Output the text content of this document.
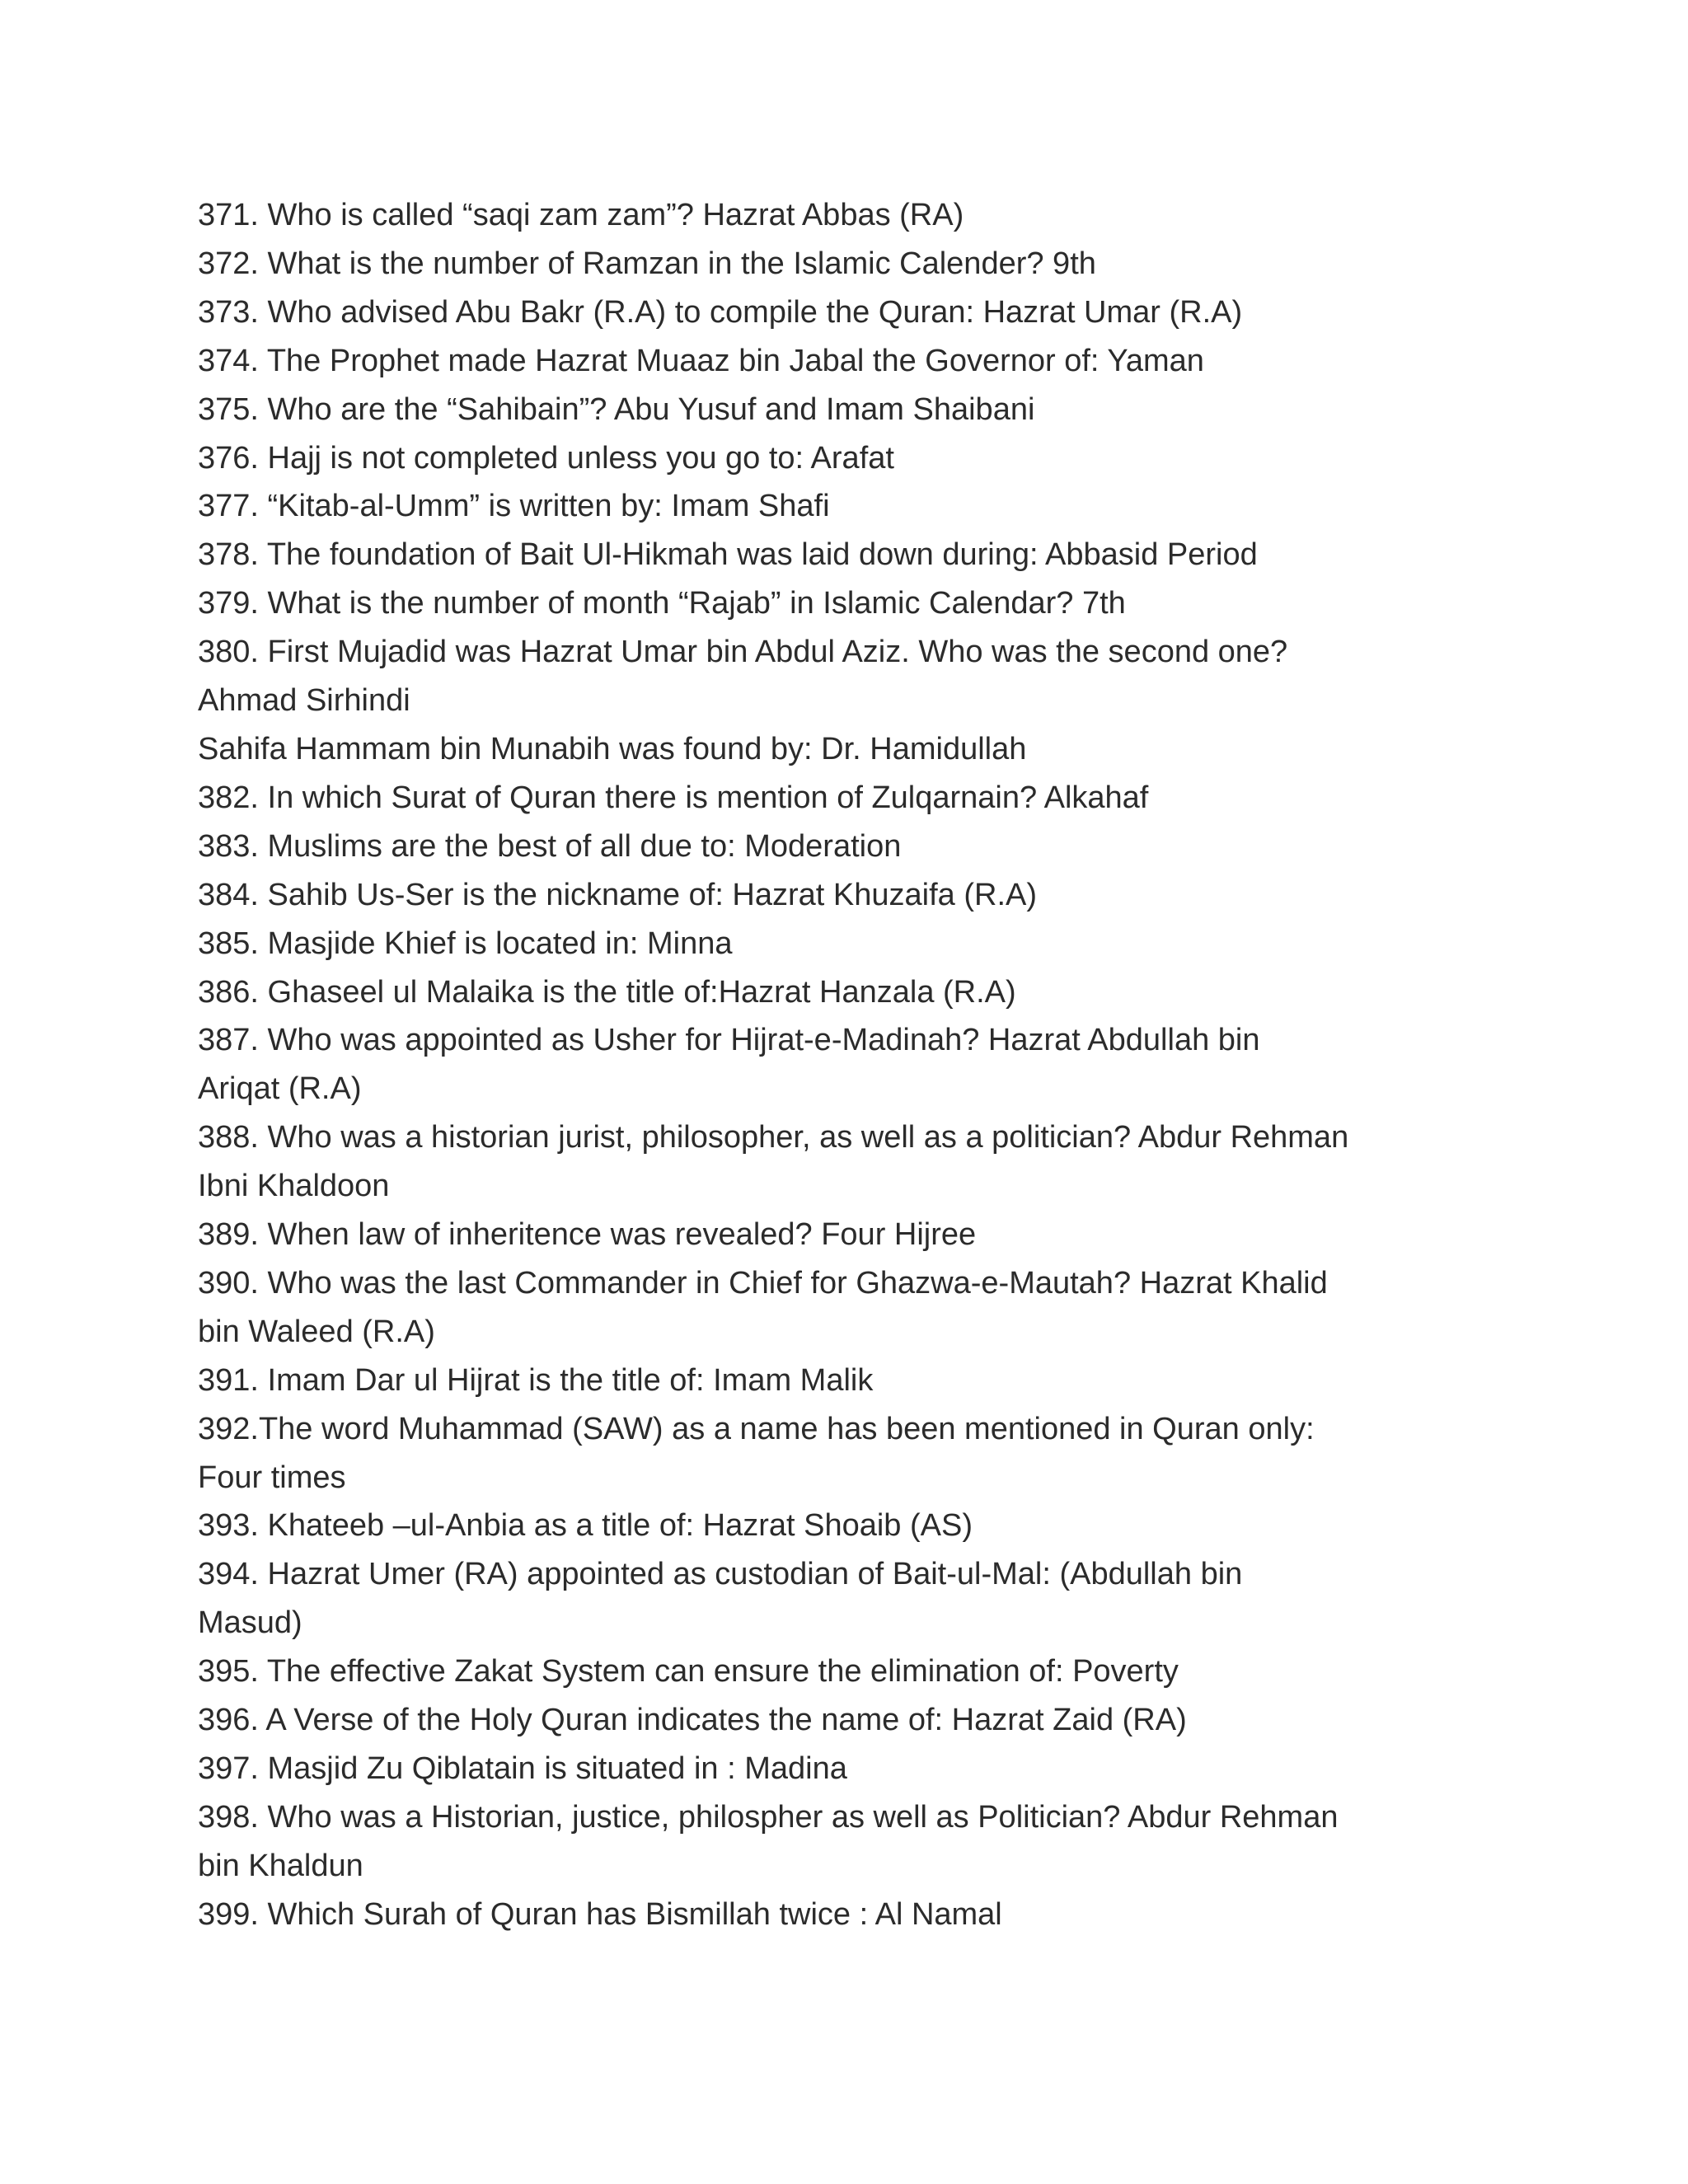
371. Who is called “saqi zam zam”? Hazrat Abbas (RA)
372. What is the number of Ramzan in the Islamic Calender? 9th
373. Who advised Abu Bakr (R.A) to compile the Quran: Hazrat Umar (R.A)
374. The Prophet made Hazrat Muaaz bin Jabal the Governor of: Yaman
375. Who are the “Sahibain”? Abu Yusuf and Imam Shaibani
376. Hajj is not completed unless you go to: Arafat
377. “Kitab-al-Umm” is written by: Imam Shafi
378. The foundation of Bait Ul-Hikmah was laid down during: Abbasid Period
379. What is the number of month “Rajab” in Islamic Calendar? 7th
380. First Mujadid was Hazrat Umar bin Abdul Aziz. Who was the second one?
Ahmad Sirhindi
Sahifa Hammam bin Munabih was found by: Dr. Hamidullah
382. In which Surat of Quran there is mention of Zulqarnain? Alkahaf
383. Muslims are the best of all due to: Moderation
384. Sahib Us-Ser is the nickname of: Hazrat Khuzaifa (R.A)
385. Masjide Khief is located in: Minna
386. Ghaseel ul Malaika is the title of:Hazrat Hanzala (R.A)
387. Who was appointed as Usher for Hijrat-e-Madinah? Hazrat Abdullah bin
Ariqat (R.A)
388. Who was a historian jurist, philosopher, as well as a politician? Abdur Rehman
Ibni Khaldoon
389. When law of inheritence was revealed? Four Hijree
390. Who was the last Commander in Chief for Ghazwa-e-Mautah? Hazrat Khalid
bin Waleed (R.A)
391. Imam Dar ul Hijrat is the title of: Imam Malik
392.The word Muhammad (SAW) as a name has been mentioned in Quran only:
Four times
393. Khateeb –ul-Anbia as a title of: Hazrat Shoaib (AS)
394. Hazrat Umer (RA) appointed as custodian of Bait-ul-Mal: (Abdullah bin
Masud)
395. The effective Zakat System can ensure the elimination of: Poverty
396. A Verse of the Holy Quran indicates the name of: Hazrat Zaid (RA)
397. Masjid Zu Qiblatain is situated in : Madina
398. Who was a Historian, justice, philospher as well as Politician? Abdur Rehman
bin Khaldun
399. Which Surah of Quran has Bismillah twice : Al Namal
